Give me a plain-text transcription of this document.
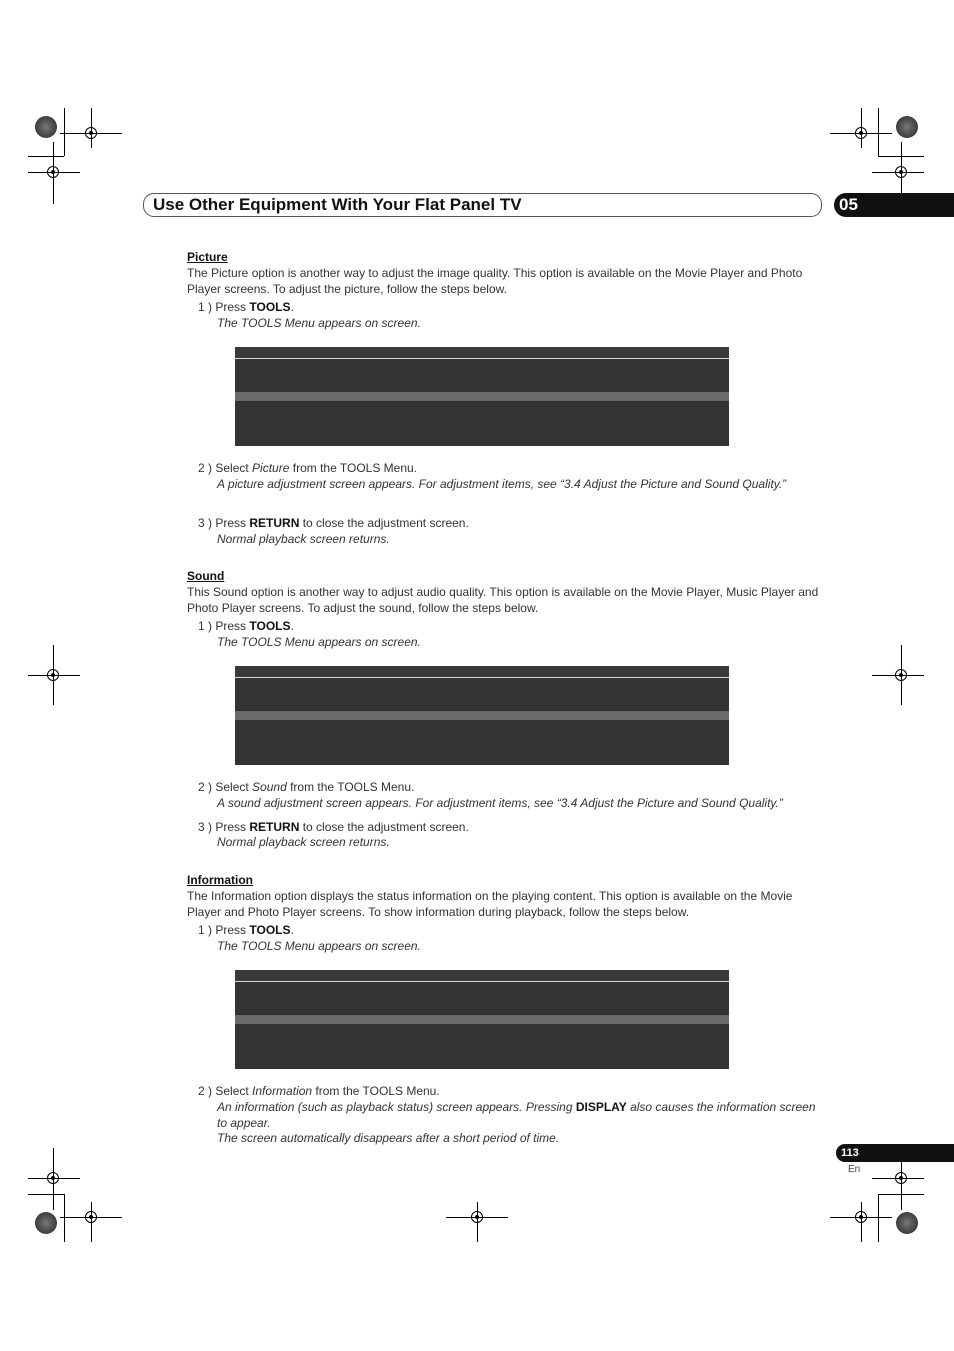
Use Other Equipment With Your Flat Panel TV	05
Picture
The Picture option is another way to adjust the image quality. This option is available on the Movie Player and Photo Player screens. To adjust the picture, follow the steps below.
1 ) Press TOOLS.
The TOOLS Menu appears on screen.
2 ) Select Picture from the TOOLS Menu.
A picture adjustment screen appears. For adjustment items, see “3.4 Adjust the Picture and Sound Quality.”
3 ) Press RETURN to close the adjustment screen.
Normal playback screen returns.
Sound
This Sound option is another way to adjust audio quality. This option is available on the Movie Player, Music Player and Photo Player screens. To adjust the sound, follow the steps below.
1 ) Press TOOLS.
The TOOLS Menu appears on screen.
2 ) Select Sound from the TOOLS Menu.
A sound adjustment screen appears. For adjustment items, see “3.4 Adjust the Picture and Sound Quality.”
3 ) Press RETURN to close the adjustment screen.
Normal playback screen returns.
Information
The Information option displays the status information on the playing content. This option is available on the Movie Player and Photo Player screens. To show information during playback, follow the steps below.
1 ) Press TOOLS.
The TOOLS Menu appears on screen.
2 ) Select Information from the TOOLS Menu.
An information (such as playback status) screen appears. Pressing DISPLAY also causes the information screen to appear.
The screen automatically disappears after a short period of time.
113
En
